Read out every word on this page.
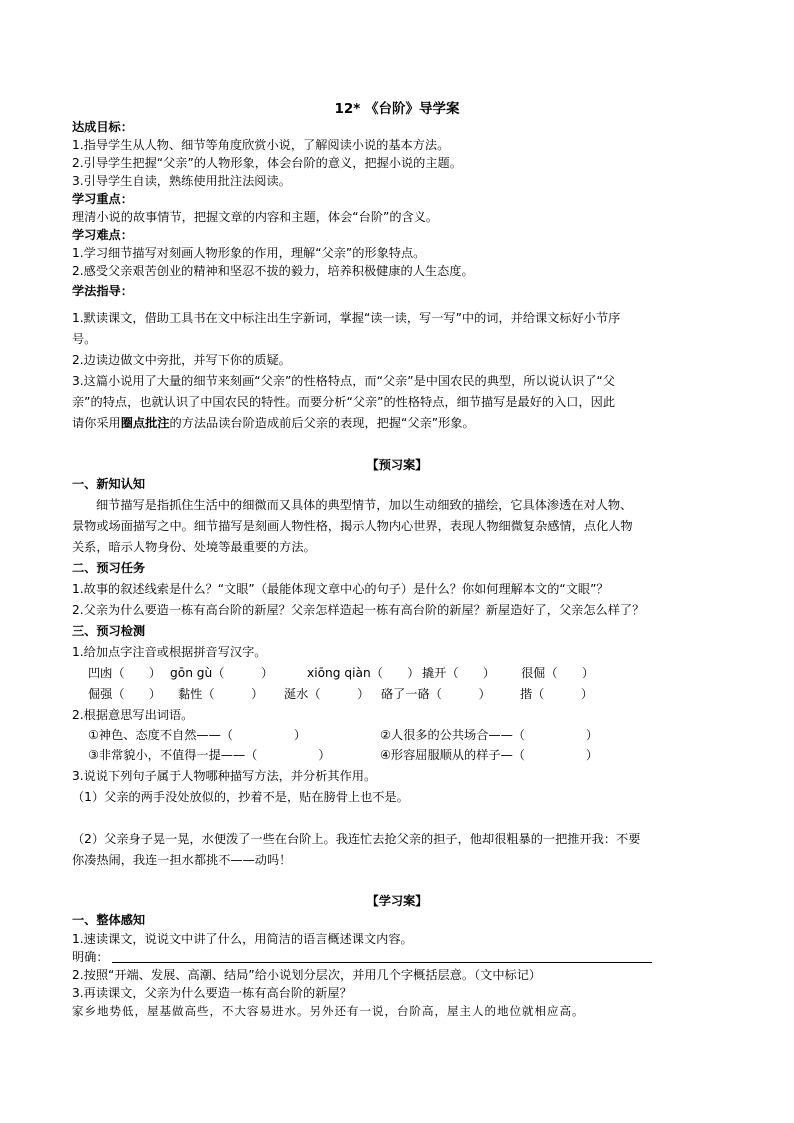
12* 《台阶》导学案
达成目标：
1.指导学生从人物、细节等角度欣赏小说，了解阅读小说的基本方法。
2.引导学生把握“父亲”的人物形象，体会台阶的意义，把握小说的主题。
3.引导学生自读，熟练使用批注法阅读。
学习重点：
理清小说的故事情节，把握文章的内容和主题，体会“台阶”的含义。
学习难点：
1.学习细节描写对刻画人物形象的作用，理解“父亲”的形象特点。
2.感受父亲艰苦创业的精神和坚忍不拔的毅力，培养积极健康的人生态度。
学法指导：
1.默读课文，借助工具书在文中标注出生字新词，掌握“读一读，写一写”中的词，并给课文标好小节序
号。
2.边读边做文中旁批，并写下你的质疑。
3.这篇小说用了大量的细节来刻画“父亲”的性格特点，而“父亲”是中国农民的典型，所以说认识了“父
亲”的特点，也就认识了中国农民的特性。而要分析“父亲”的性格特点，细节描写是最好的入口，因此
请你采用圈点批注的方法品读台阶造成前后父亲的表现，把握“父亲”形象。
【预习案】
一、新知认知
细节描写是指抓住生活中的细微而又具体的典型情节，加以生动细致的描绘，它具体渗透在对人物、
景物或场面描写之中。细节描写是刻画人物性格，揭示人物内心世界，表现人物细微复杂感情，点化人物
关系，暗示人物身份、处境等最重要的方法。
二、预习任务
1.故事的叙述线索是什么？“文眼”（最能体现文章中心的句子）是什么？你如何理解本文的“文眼”？
2.父亲为什么要造一栋有高台阶的新屋？父亲怎样造起一栋有高台阶的新屋？新屋造好了，父亲怎么样了？
三、预习检测
1.给加点字注音或根据拼音写汉字。
凹凼（　　） gōn gù（　　　）	xiōng qiàn（　　） 撬开（　　） 很倔（　　）
倔强（　　） 黏性（　　　） 涎水（　　　） 硌了一硌（　　　） 揩（　　　）
2.根据意思写出词语。
①神色、态度不自然——（　　　　　）	②人很多的公共场合——（　　　　　）
③非常貌小，不值得一提——（　　　　　）	④形容屈服顺从的样子—（　　　　　）
3.说说下列句子属于人物哪种描写方法，并分析其作用。
（1）父亲的两手没处放似的，抄着不是，贴在膀骨上也不是。
（2）父亲身子晃一晃，水便泼了一些在台阶上。我连忙去抢父亲的担子，他却很粗暴的一把推开我：不要
你凑热闹，我连一担水都挑不——动吗！
【学习案】
一、整体感知
1.速读课文，说说文中讲了什么，用简洁的语言概述课文内容。
明确：
2.按照“开端、发展、高潮、结局”给小说划分层次，并用几个字概括层意。（文中标记）
3.再读课文，父亲为什么要造一栋有高台阶的新屋？
家乡地势低，屋基做高些，不大容易进水。另外还有一说，台阶高，屋主人的地位就相应高。
